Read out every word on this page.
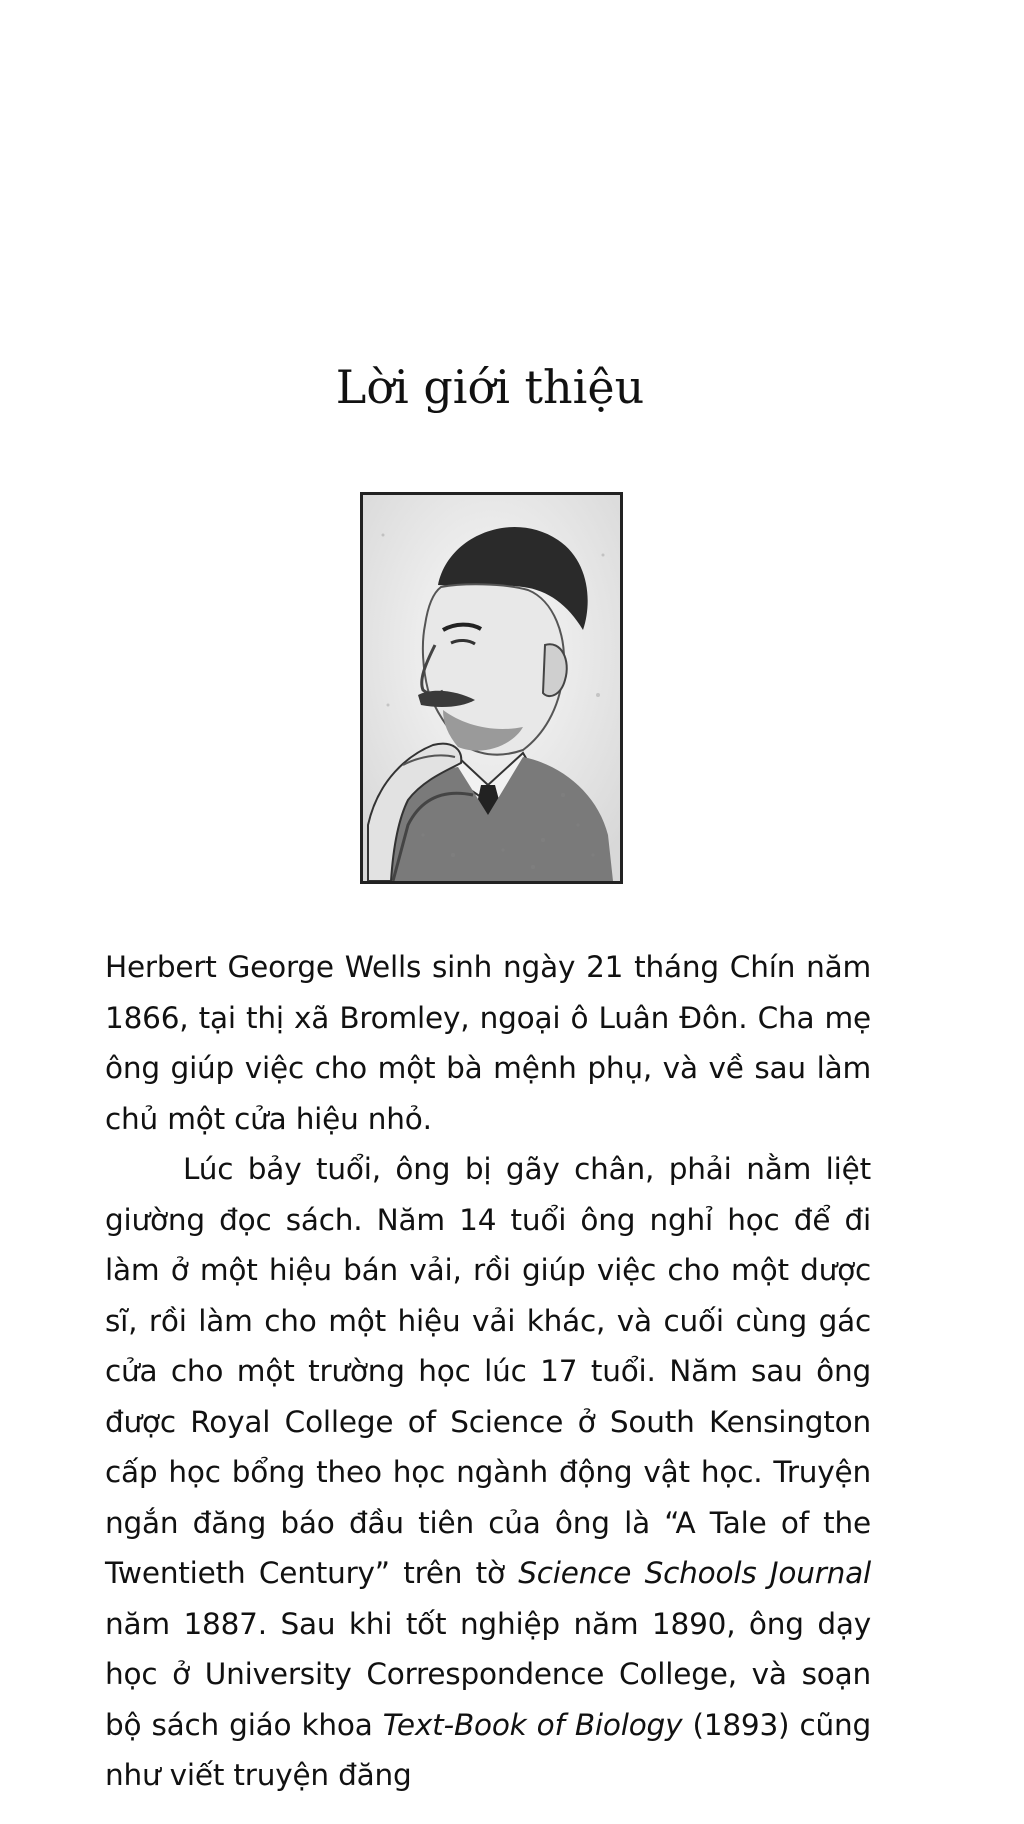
Lời giới thiệu

Herbert George Wells sinh ngày 21 tháng Chín năm 1866, tại thị xã Bromley, ngoại ô Luân Đôn. Cha mẹ ông giúp việc cho một bà mệnh phụ, và về sau làm chủ một cửa hiệu nhỏ.

Lúc bảy tuổi, ông bị gãy chân, phải nằm liệt giường đọc sách. Năm 14 tuổi ông nghỉ học để đi làm ở một hiệu bán vải, rồi giúp việc cho một dược sĩ, rồi làm cho một hiệu vải khác, và cuối cùng gác cửa cho một trường học lúc 17 tuổi. Năm sau ông được Royal College of Science ở South Kensington cấp học bổng theo học ngành động vật học. Truyện ngắn đăng báo đầu tiên của ông là “A Tale of the Twentieth Century” trên tờ Science Schools Journal năm 1887. Sau khi tốt nghiệp năm 1890, ông dạy học ở University Correspondence College, và soạn bộ sách giáo khoa Text-Book of Biology (1893) cũng như viết truyện đăng
